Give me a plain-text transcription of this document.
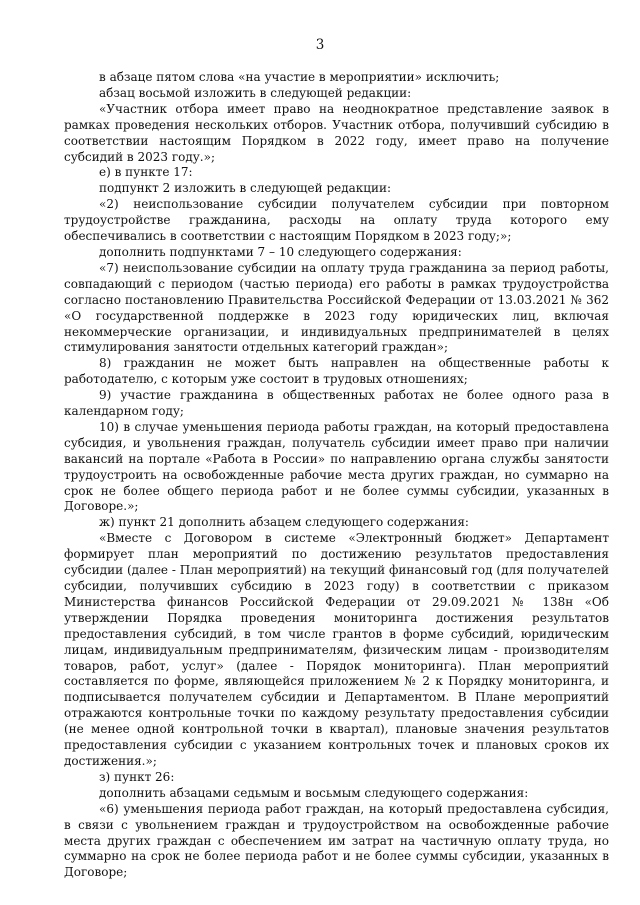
3

в абзаце пятом слова «на участие в мероприятии» исключить;

абзац восьмой изложить в следующей редакции:

«Участник отбора имеет право на неоднократное представление заявок в рамках проведения нескольких отборов. Участник отбора, получивший субсидию в соответствии настоящим Порядком в 2022 году, имеет право на получение субсидий в 2023 году.»;

е) в пункте 17:

подпункт 2 изложить в следующей редакции:

«2) неиспользование субсидии получателем субсидии при повторном трудоустройстве гражданина, расходы на оплату труда которого ему обеспечивались в соответствии с настоящим Порядком в 2023 году;»;

дополнить подпунктами 7 – 10 следующего содержания:

«7) неиспользование субсидии на оплату труда гражданина за период работы, совпадающий с периодом (частью периода) его работы в рамках трудоустройства согласно постановлению Правительства Российской Федерации от 13.03.2021 № 362 «О государственной поддержке в 2023 году юридических лиц, включая некоммерческие организации, и индивидуальных предпринимателей в целях стимулирования занятости отдельных категорий граждан»;

8) гражданин не может быть направлен на общественные работы к работодателю, с которым уже состоит в трудовых отношениях;

9) участие гражданина в общественных работах не более одного раза в календарном году;

10) в случае уменьшения периода работы граждан, на который предоставлена субсидия, и увольнения граждан, получатель субсидии имеет право при наличии вакансий на портале «Работа в России» по направлению органа службы занятости трудоустроить на освобожденные рабочие места других граждан, но суммарно на срок не более общего периода работ и не более суммы субсидии, указанных в Договоре.»;

ж) пункт 21 дополнить абзацем следующего содержания:

«Вместе с Договором в системе «Электронный бюджет» Департамент формирует план мероприятий по достижению результатов предоставления субсидии (далее - План мероприятий) на текущий финансовый год (для получателей субсидии, получивших субсидию в 2023 году) в соответствии с приказом Министерства финансов Российской Федерации от 29.09.2021 № 138н «Об утверждении Порядка проведения мониторинга достижения результатов предоставления субсидий, в том числе грантов в форме субсидий, юридическим лицам, индивидуальным предпринимателям, физическим лицам - производителям товаров, работ, услуг» (далее - Порядок мониторинга). План мероприятий составляется по форме, являющейся приложением № 2 к Порядку мониторинга, и подписывается получателем субсидии и Департаментом. В Плане мероприятий отражаются контрольные точки по каждому результату предоставления субсидии (не менее одной контрольной точки в квартал), плановые значения результатов предоставления субсидии с указанием контрольных точек и плановых сроков их достижения.»;

з) пункт 26:

дополнить абзацами седьмым и восьмым следующего содержания:

«6) уменьшения периода работ граждан, на который предоставлена субсидия, в связи с увольнением граждан и трудоустройством на освобожденные рабочие места других граждан с обеспечением им затрат на частичную оплату труда, но суммарно на срок не более периода работ и не более суммы субсидии, указанных в Договоре;
